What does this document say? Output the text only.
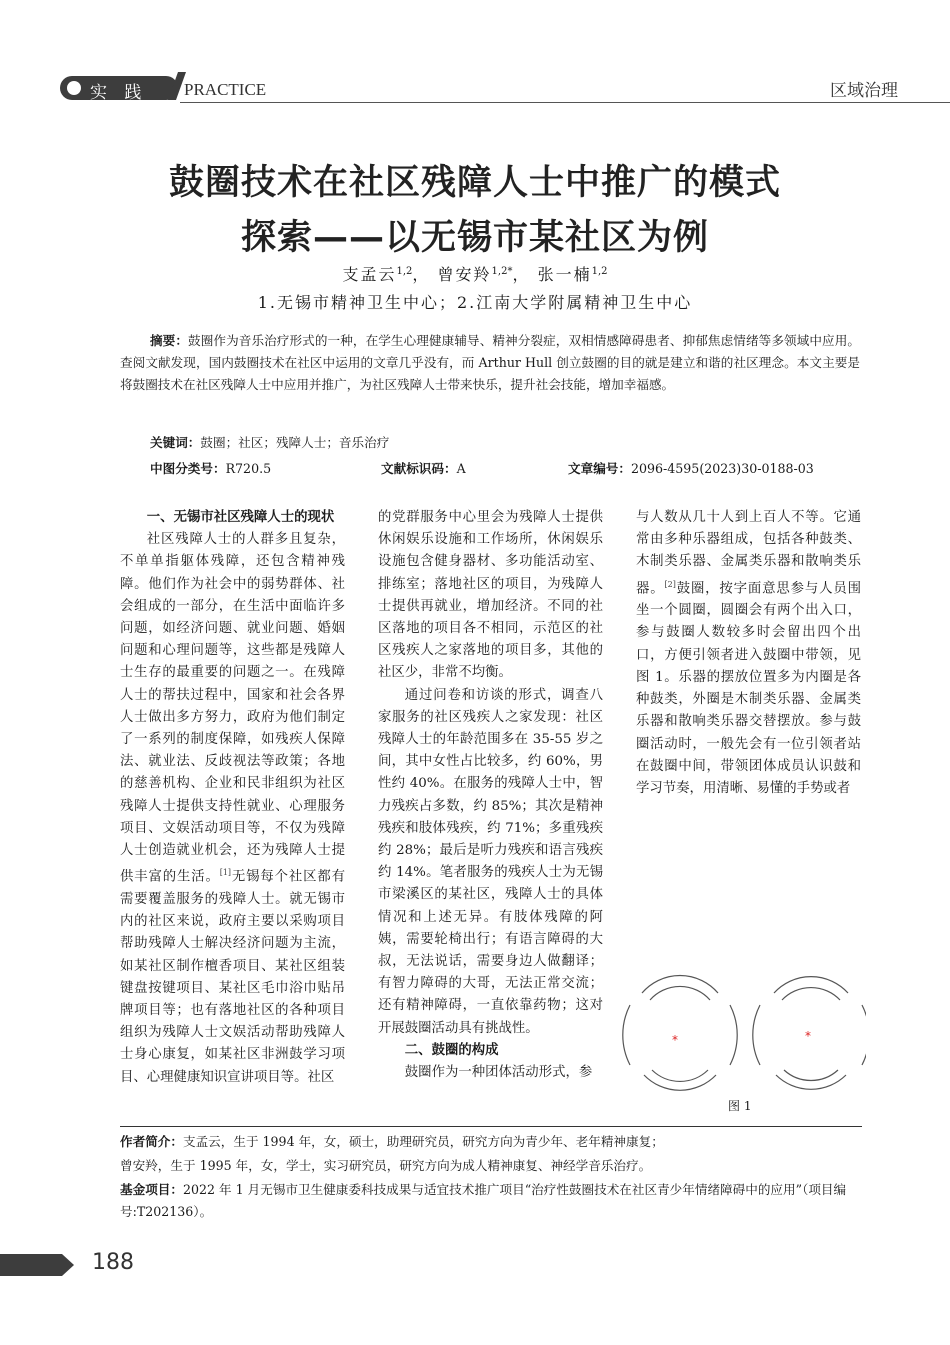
实 践 PRACTICE	区域治理
鼓圈技术在社区残障人士中推广的模式
探索——以无锡市某社区为例
支孟云$^{1,2}$， 曾安羚$^{1,2*}$， 张一楠$^{1,2}$
1.无锡市精神卫生中心；2.江南大学附属精神卫生中心
摘要：鼓圈作为音乐治疗形式的一种，在学生心理健康辅导、精神分裂症，双相情感障碍患者、抑郁焦虑情绪等多领域中应用。查阅文献发现，国内鼓圈技术在社区中运用的文章几乎没有，而 Arthur Hull 创立鼓圈的目的就是建立和谐的社区理念。本文主要是将鼓圈技术在社区残障人士中应用并推广，为社区残障人士带来快乐，提升社会技能，增加幸福感。
关键词：鼓圈；社区；残障人士；音乐治疗
中图分类号：R720.5	文献标识码：A	文章编号：2096-4595(2023)30-0188-03

一、无锡市社区残障人士的现状

社区残障人士的人群多且复杂，不单单指躯体残障，还包含精神残障。他们作为社会中的弱势群体、社会组成的一部分，在生活中面临许多问题，如经济问题、就业问题、婚姻问题和心理问题等，这些都是残障人士生存的最重要的问题之一。在残障人士的帮扶过程中，国家和社会各界人士做出多方努力，政府为他们制定了一系列的制度保障，如残疾人保障法、就业法、反歧视法等政策；各地的慈善机构、企业和民非组织为社区残障人士提供支持性就业、心理服务项目、文娱活动项目等，不仅为残障人士创造就业机会，还为残障人士提供丰富的生活。[1]无锡每个社区都有需要覆盖服务的残障人士。就无锡市内的社区来说，政府主要以采购项目帮助残障人士解决经济问题为主流，如某社区制作檀香项目、某社区组装键盘按键项目、某社区毛巾浴巾贴吊牌项目等；也有落地社区的各种项目组织为残障人士文娱活动帮助残障人士身心康复，如某社区非洲鼓学习项目、心理健康知识宣讲项目等。社区

的党群服务中心里会为残障人士提供休闲娱乐设施和工作场所，休闲娱乐设施包含健身器材、多功能活动室、排练室；落地社区的项目，为残障人士提供再就业，增加经济。不同的社区落地的项目各不相同，示范区的社区残疾人之家落地的项目多，其他的社区少，非常不均衡。

通过问卷和访谈的形式，调查八家服务的社区残疾人之家发现：社区残障人士的年龄范围多在 35-55 岁之间，其中女性占比较多，约 60%，男性约 40%。在服务的残障人士中，智力残疾占多数，约 85%；其次是精神残疾和肢体残疾，约 71%；多重残疾约 28%；最后是听力残疾和语言残疾约 14%。笔者服务的残疾人士为无锡市梁溪区的某社区，残障人士的具体情况和上述无异。有肢体残障的阿姨，需要轮椅出行；有语言障碍的大叔，无法说话，需要身边人做翻译；有智力障碍的大哥，无法正常交流；还有精神障碍，一直依靠药物；这对开展鼓圈活动具有挑战性。

二、鼓圈的构成

鼓圈作为一种团体活动形式，参

与人数从几十人到上百人不等。它通常由多种乐器组成，包括各种鼓类、木制类乐器、金属类乐器和散响类乐器。[2]鼓圈，按字面意思参与人员围坐一个圆圈，圆圈会有两个出入口，参与鼓圈人数较多时会留出四个出口，方便引领者进入鼓圈中带领，见图 1。乐器的摆放位置多为内圈是各种鼓类，外圈是木制类乐器、金属类乐器和散响类乐器交替摆放。参与鼓圈活动时，一般先会有一位引领者站在鼓圈中间，带领团体成员认识鼓和学习节奏，用清晰、易懂的手势或者

*	*
图 1
作者简介：支孟云，生于 1994 年，女，硕士，助理研究员，研究方向为青少年、老年精神康复；
曾安羚，生于 1995 年，女，学士，实习研究员，研究方向为成人精神康复、神经学音乐治疗。
基金项目：2022 年 1 月无锡市卫生健康委科技成果与适宜技术推广项目“治疗性鼓圈技术在社区青少年情绪障碍中的应用”（项目编号:T202136）。
188
